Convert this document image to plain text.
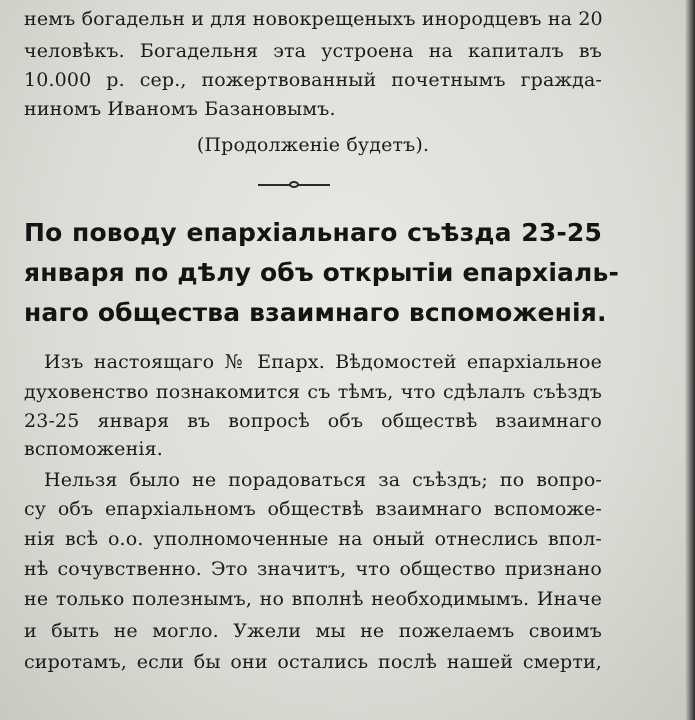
немъ богадельн и для новокрещеныхъ инородцевъ на 20

человѣкъ. Богадельня эта устроена на капиталъ въ

10.000 р. сер., пожертвованный почетнымъ гражда-

ниномъ Иваномъ Базановымъ.

(Продолженіе будетъ).

По поводу епархіальнаго съѣзда 23-25

января по дѣлу объ открытіи епархіаль-

наго общества взаимнаго вспоможенія.

Изъ настоящаго № Епарх. Вѣдомостей епархіальное

духовенство познакомится съ тѣмъ, что сдѣлалъ съѣздъ

23-25 января въ вопросѣ объ обществѣ взаимнаго

вспоможенія.

Нельзя было не порадоваться за съѣздъ; по вопро-

су объ епархіальномъ обществѣ взаимнаго вспоможе-

нія всѣ о.о. уполномоченные на оный отнеслись впол-

нѣ сочувственно. Это значитъ, что общество признано

не только полезнымъ, но вполнѣ необходимымъ. Иначе

и быть не могло. Ужели мы не пожелаемъ своимъ

сиротамъ, если бы они остались послѣ нашей смерти,
